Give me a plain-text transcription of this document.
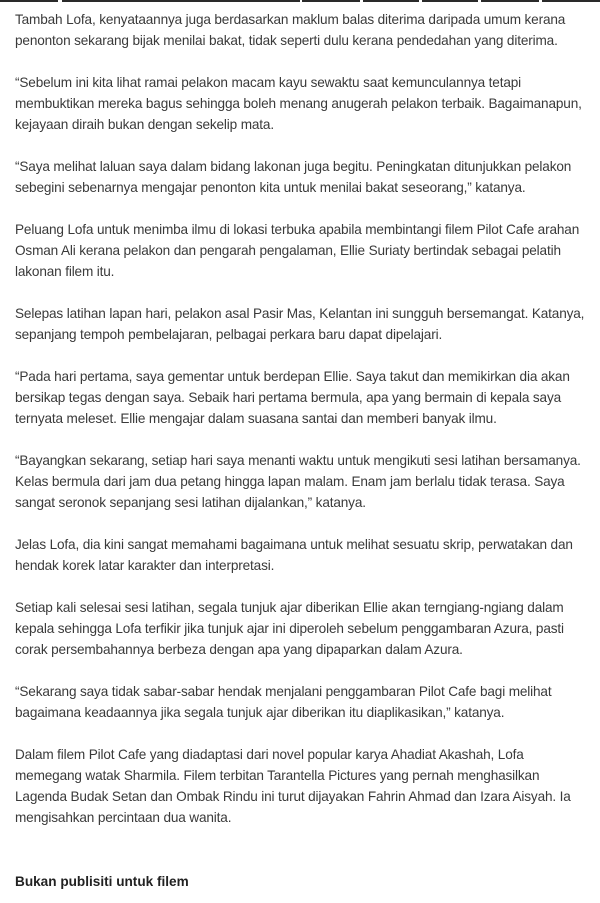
Tambah Lofa, kenyataannya juga berdasarkan maklum balas diterima daripada umum kerana penonton sekarang bijak menilai bakat, tidak seperti dulu kerana pendedahan yang diterima.

“Sebelum ini kita lihat ramai pelakon macam kayu sewaktu saat kemunculannya tetapi membuktikan mereka bagus sehingga boleh menang anugerah pelakon terbaik. Bagaimanapun, kejayaan diraih bukan dengan sekelip mata.

“Saya melihat laluan saya dalam bidang lakonan juga begitu. Peningkatan ditunjukkan pelakon sebegini sebenarnya mengajar penonton kita untuk menilai bakat seseorang,” katanya.

Peluang Lofa untuk menimba ilmu di lokasi terbuka apabila membintangi filem Pilot Cafe arahan Osman Ali kerana pelakon dan pengarah pengalaman, Ellie Suriaty bertindak sebagai pelatih lakonan filem itu.

Selepas latihan lapan hari, pelakon asal Pasir Mas, Kelantan ini sungguh bersemangat. Katanya, sepanjang tempoh pembelajaran, pelbagai perkara baru dapat dipelajari.

“Pada hari pertama, saya gementar untuk berdepan Ellie. Saya takut dan memikirkan dia akan bersikap tegas dengan saya. Sebaik hari pertama bermula, apa yang bermain di kepala saya ternyata meleset. Ellie mengajar dalam suasana santai dan memberi banyak ilmu.

“Bayangkan sekarang, setiap hari saya menanti waktu untuk mengikuti sesi latihan bersamanya. Kelas bermula dari jam dua petang hingga lapan malam. Enam jam berlalu tidak terasa. Saya sangat seronok sepanjang sesi latihan dijalankan,” katanya.

Jelas Lofa, dia kini sangat memahami bagaimana untuk melihat sesuatu skrip, perwatakan dan hendak korek latar karakter dan interpretasi.

Setiap kali selesai sesi latihan, segala tunjuk ajar diberikan Ellie akan terngiang-ngiang dalam kepala sehingga Lofa terfikir jika tunjuk ajar ini diperoleh sebelum penggambaran Azura, pasti corak persembahannya berbeza dengan apa yang dipaparkan dalam Azura.

“Sekarang saya tidak sabar-sabar hendak menjalani penggambaran Pilot Cafe bagi melihat bagaimana keadaannya jika segala tunjuk ajar diberikan itu diaplikasikan,” katanya.

Dalam filem Pilot Cafe yang diadaptasi dari novel popular karya Ahadiat Akashah, Lofa memegang watak Sharmila. Filem terbitan Tarantella Pictures yang pernah menghasilkan Lagenda Budak Setan dan Ombak Rindu ini turut dijayakan Fahrin Ahmad dan Izara Aisyah. Ia mengisahkan percintaan dua wanita.

Bukan publisiti untuk filem
